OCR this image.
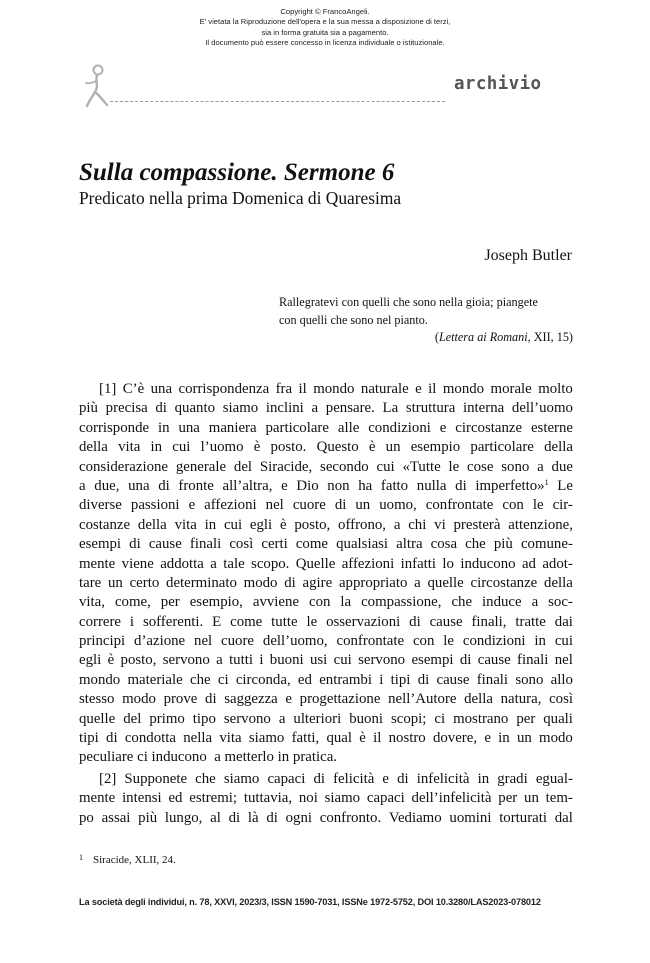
Copyright © FrancoAngeli.
E' vietata la Riproduzione dell'opera e la sua messa a disposizione di terzi,
sia in forma gratuita sia a pagamento.
Il documento può essere concesso in licenza individuale o istituzionale.
archivio
Sulla compassione. Sermone 6
Predicato nella prima Domenica di Quaresima
Joseph Butler
Rallegratevi con quelli che sono nella gioia; piangete
con quelli che sono nel pianto.
(Lettera ai Romani, XII, 15)
[1] C’è una corrispondenza fra il mondo naturale e il mondo morale molto
più precisa di quanto siamo inclini a pensare. La struttura interna dell’uomo
corrisponde in una maniera particolare alle condizioni e circostanze esterne
della vita in cui l’uomo è posto. Questo è un esempio particolare della
considerazione generale del Siracide, secondo cui «Tutte le cose sono a due
a due, una di fronte all’altra, e Dio non ha fatto nulla di imperfetto»$^1$ Le
diverse passioni e affezioni nel cuore di un uomo, confrontate con le cir-
costanze della vita in cui egli è posto, offrono, a chi vi presterà attenzione,
esempi di cause finali così certi come qualsiasi altra cosa che più comune-
mente viene addotta a tale scopo. Quelle affezioni infatti lo inducono ad adot-
tare un certo determinato modo di agire appropriato a quelle circostanze della
vita, come, per esempio, avviene con la compassione, che induce a soc-
correre i sofferenti. E come tutte le osservazioni di cause finali, tratte dai
principi d’azione nel cuore dell’uomo, confrontate con le condizioni in cui
egli è posto, servono a tutti i buoni usi cui servono esempi di cause finali nel
mondo materiale che ci circonda, ed entrambi i tipi di cause finali sono allo
stesso modo prove di saggezza e progettazione nell’Autore della natura, così
quelle del primo tipo servono a ulteriori buoni scopi; ci mostrano per quali
tipi di condotta nella vita siamo fatti, qual è il nostro dovere, e in un modo
peculiare ci inducono  a metterlo in pratica.
[2] Supponete che siamo capaci di felicità e di infelicità in gradi egual-
mente intensi ed estremi; tuttavia, noi siamo capaci dell’infelicità per un tem-
po assai più lungo, al di là di ogni confronto. Vediamo uomini torturati dal
$^1$ Siracide, XLII, 24.
La società degli individui, n. 78, XXVI, 2023/3, ISSN 1590-7031, ISSNe 1972-5752, DOI 10.3280/LAS2023-078012
